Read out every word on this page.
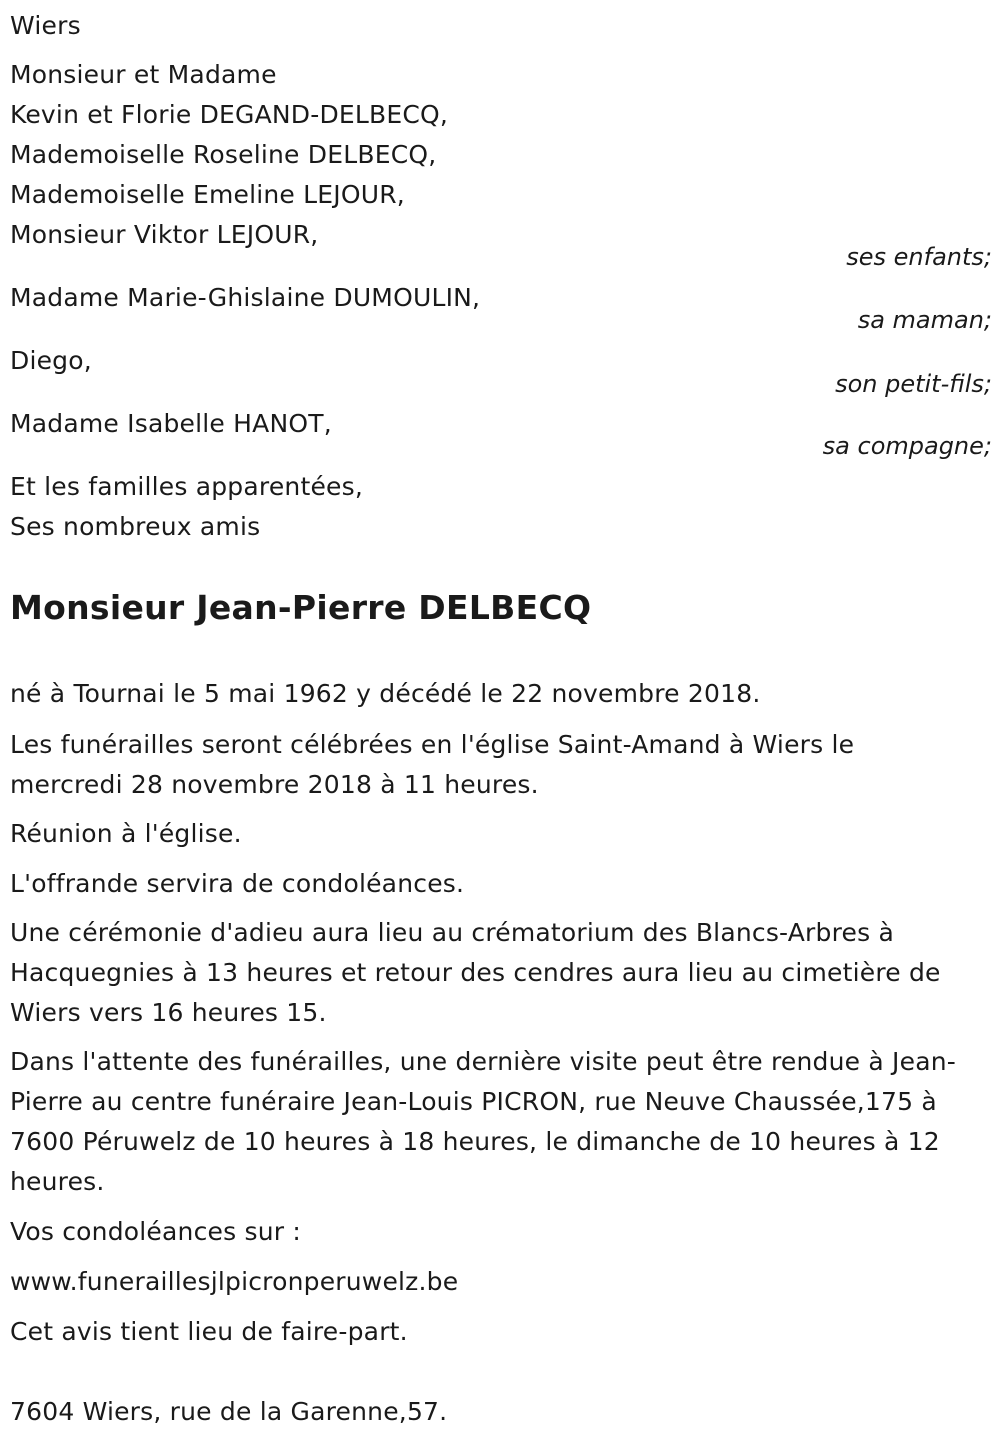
Wiers
Monsieur et Madame
Kevin et Florie DEGAND-DELBECQ,
Mademoiselle Roseline DELBECQ,
Mademoiselle Emeline LEJOUR,
Monsieur Viktor LEJOUR,
ses enfants;
Madame Marie-Ghislaine DUMOULIN,
sa maman;
Diego,
son petit-fils;
Madame Isabelle HANOT,
sa compagne;
Et les familles apparentées,
Ses nombreux amis
Monsieur Jean-Pierre DELBECQ
né à Tournai le 5 mai 1962 y décédé le 22 novembre 2018.
Les funérailles seront célébrées en l'église Saint-Amand à Wiers le mercredi 28 novembre 2018 à 11 heures.
Réunion à l'église.
L'offrande servira de condoléances.
Une cérémonie d'adieu aura lieu au crématorium des Blancs-Arbres à Hacquegnies à 13 heures et retour des cendres aura lieu au cimetière de Wiers vers 16 heures 15.
Dans l'attente des funérailles, une dernière visite peut être rendue à Jean-Pierre au centre funéraire Jean-Louis PICRON, rue Neuve Chaussée,175 à 7600 Péruwelz de 10 heures à 18 heures, le dimanche de 10 heures à 12 heures.
Vos condoléances sur :
www.funeraillesjlpicronperuwelz.be
Cet avis tient lieu de faire-part.
7604 Wiers, rue de la Garenne,57.
